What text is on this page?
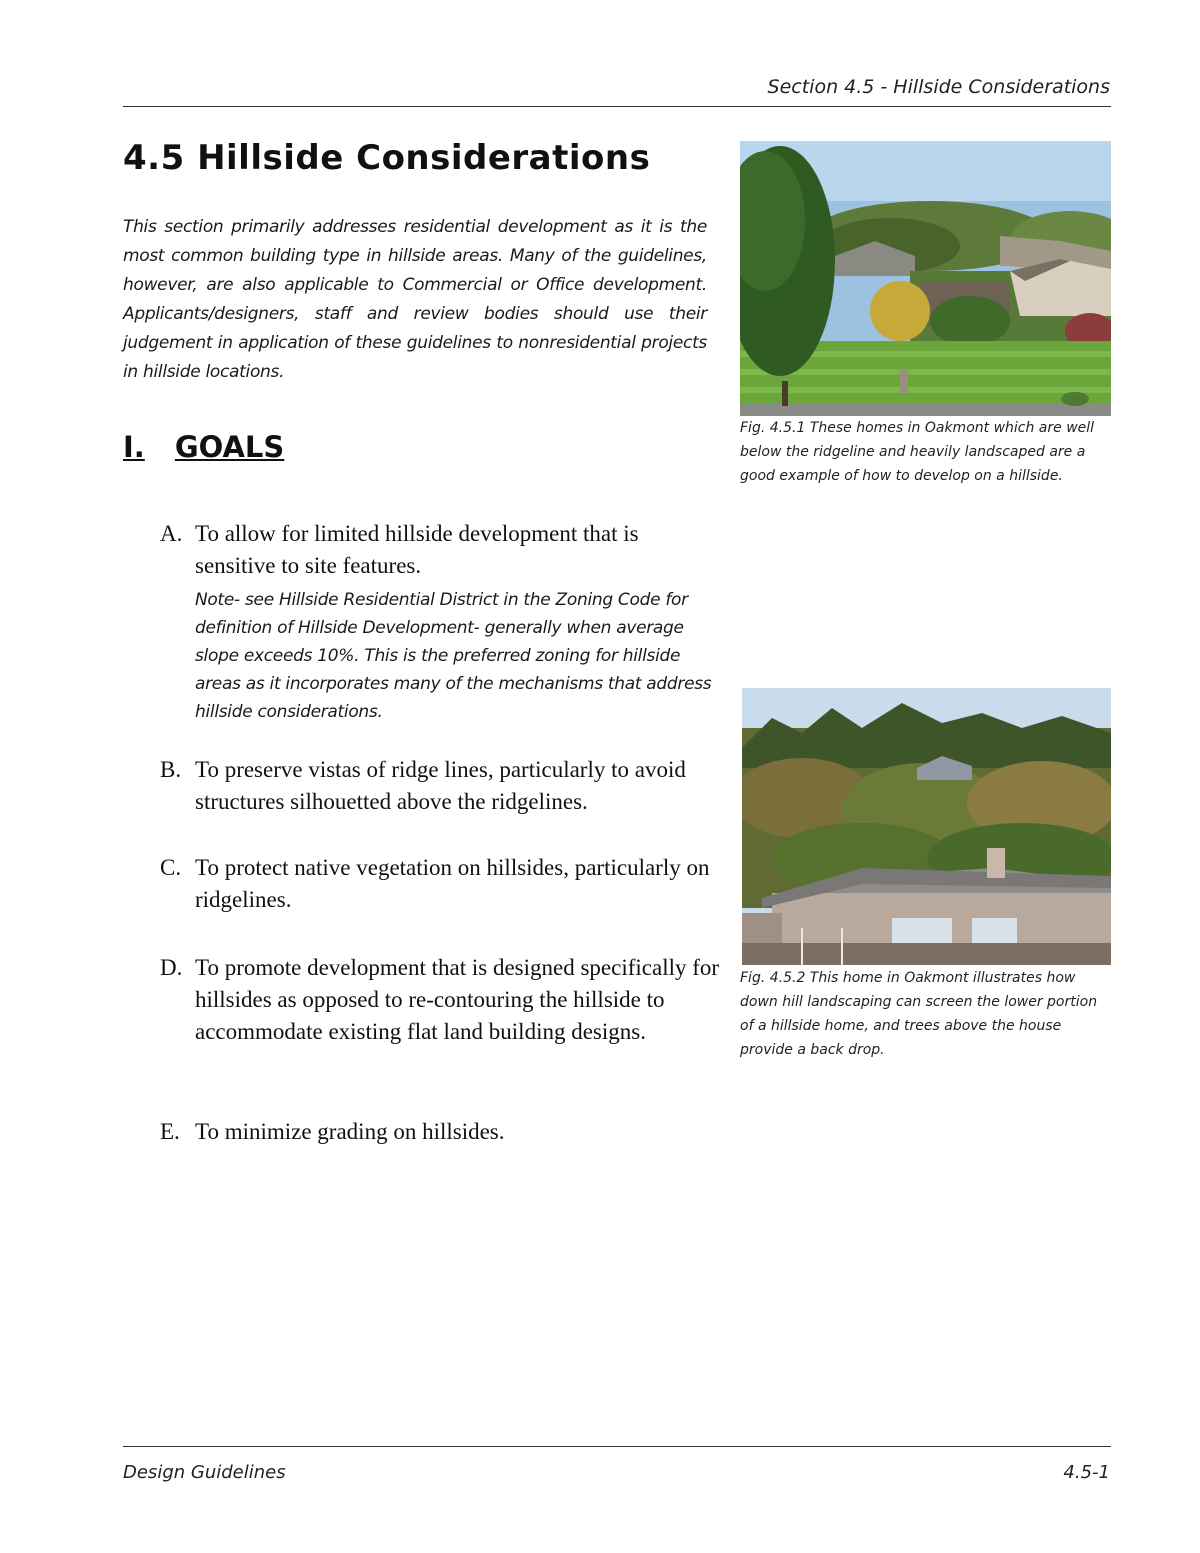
Section 4.5 - Hillside Considerations
4.5 Hillside Considerations

This section primarily addresses residential development as it is the most common building type in hillside areas. Many of the guidelines, however, are also applicable to Commercial or Office development. Applicants/designers, staff and review bodies should use their judgement in application of these guidelines to nonresidential projects in hillside locations.

I. GOALS
A. To allow for limited hillside development that is sensitive to site features.
Note- see Hillside Residential District in the Zoning Code for definition of Hillside Development- generally when average slope exceeds 10%. This is the preferred zoning for hillside areas as it incorporates many of the mechanisms that address hillside considerations.
B. To preserve vistas of ridge lines, particularly to avoid structures silhouetted above the ridgelines.
C. To protect native vegetation on hillsides, particularly on ridgelines.
D. To promote development that is designed specifically for hillsides as opposed to re-contouring the hillside to accommodate existing flat land building designs.
E. To minimize grading on hillsides.

Fig. 4.5.1 These homes in Oakmont which are well below the ridgeline and heavily landscaped are a good example of how to develop on a hillside.

Fig. 4.5.2 This home in Oakmont illustrates how down hill landscaping can screen the lower portion of a hillside home, and trees above the house provide a back drop.

Design Guidelines	4.5-1
